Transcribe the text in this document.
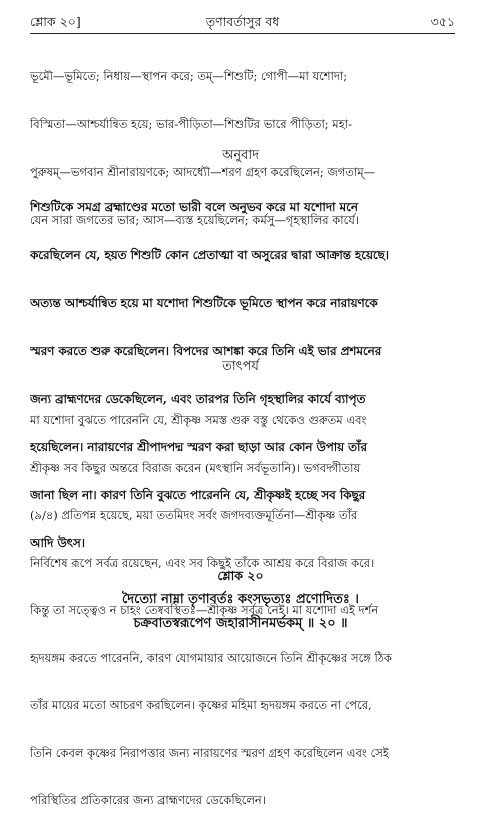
শ্লোক ২০]	তৃণাবর্তাসুর বধ	৩৫১

ভূমৌ—ভূমিতে; নিধায়—স্থাপন করে; তম্—শিশুটি; গোপী—মা যশোদা;

বিস্মিতা—আশ্চর্যান্বিত হয়ে; ভার-পীড়িতা—শিশুটির ভারে পীড়িতা; মহা-

পুরুষম্—ভগবান শ্রীনারায়ণকে; আদধ্যৌ—শরণ গ্রহণ করেছিলেন; জগতাম্—

যেন সারা জগতের ভার; আস—ব্যস্ত হয়েছিলেন; কর্মসু—গৃহস্থালির কার্যে।

অনুবাদ

শিশুটিকে সমগ্র ব্রহ্মাণ্ডের মতো ভারী বলে অনুভব করে মা যশোদা মনে

করেছিলেন যে, হয়ত শিশুটি কোন প্রেতাত্মা বা অসুরের দ্বারা আক্রান্ত হয়েছে।

অত্যন্ত আশ্চর্যান্বিত হয়ে মা যশোদা শিশুটিকে ভূমিতে স্থাপন করে নারায়ণকে

স্মরণ করতে শুরু করেছিলেন। বিপদের আশঙ্কা করে তিনি এই ভার প্রশমনের

জন্য ব্রাহ্মণদের ডেকেছিলেন, এবং তারপর তিনি গৃহস্থালির কার্যে ব্যাপৃত

হয়েছিলেন। নারায়ণের শ্রীপাদপদ্ম স্মরণ করা ছাড়া আর কোন উপায় তাঁর

জানা ছিল না। কারণ তিনি বুঝতে পারেননি যে, শ্রীকৃষ্ণই হচ্ছে সব কিছুর

আদি উৎস।

তাৎপর্য

মা যশোদা বুঝতে পারেননি যে, শ্রীকৃষ্ণ সমস্ত গুরু বস্তু থেকেও গুরুতম এবং

শ্রীকৃষ্ণ সব কিছুর অন্তরে বিরাজ করেন (মৎস্থানি সর্বভূতানি)। ভগবদ্গীতায়

(৯/৪) প্রতিপন্ন হয়েছে, ময়া ততমিদং সর্বং জগদব্যক্তমূর্তিনা—শ্রীকৃষ্ণ তাঁর

নির্বিশেষ রূপে সর্বত্র রয়েছেন, এবং সব কিছুই তাঁকে আশ্রয় করে বিরাজ করে।

কিন্তু তা সত্ত্বেও ন চাহং তেষ্ববস্থিতঃ—শ্রীকৃষ্ণ সর্বত্র নেই। মা যশোদা এই দর্শন

হৃদয়ঙ্গম করতে পারেননি, কারণ যোগমায়ার আয়োজনে তিনি শ্রীকৃষ্ণের সঙ্গে ঠিক

তাঁর মায়ের মতো আচরণ করছিলেন। কৃষ্ণের মহিমা হৃদয়ঙ্গম করতে না পেরে,

তিনি কেবল কৃষ্ণের নিরাপত্তার জন্য নারায়ণের স্মরণ গ্রহণ করেছিলেন এবং সেই

পরিস্থিতির প্রতিকারের জন্য ব্রাহ্মণদের ডেকেছিলেন।

শ্লোক ২০
দৈত্যো নাম্না তৃণাবর্তঃ কংসভৃত্যঃ প্রণোদিতঃ ।
চক্রবাতস্বরূপেণ জহারাসীনমর্ভকম্ ॥ ২০ ॥
